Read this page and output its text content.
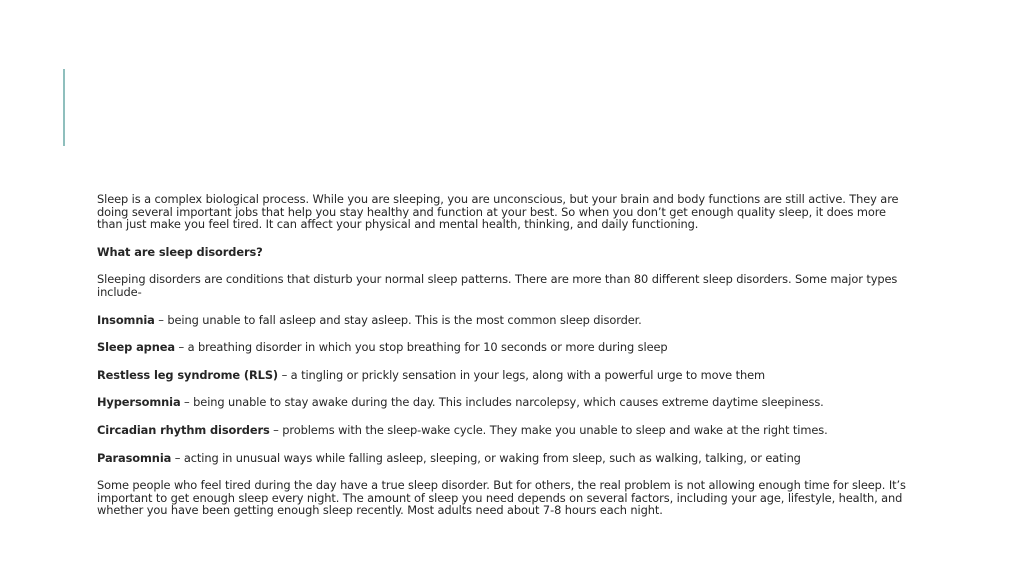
Sleep is a complex biological process. While you are sleeping, you are unconscious, but your brain and body functions are still active. They are doing several important jobs that help you stay healthy and function at your best. So when you don’t get enough quality sleep, it does more than just make you feel tired. It can affect your physical and mental health, thinking, and daily functioning.

What are sleep disorders?

Sleeping disorders are conditions that disturb your normal sleep patterns. There are more than 80 different sleep disorders. Some major types include-

Insomnia – being unable to fall asleep and stay asleep. This is the most common sleep disorder.

Sleep apnea – a breathing disorder in which you stop breathing for 10 seconds or more during sleep

Restless leg syndrome (RLS) – a tingling or prickly sensation in your legs, along with a powerful urge to move them

Hypersomnia – being unable to stay awake during the day. This includes narcolepsy, which causes extreme daytime sleepiness.

Circadian rhythm disorders – problems with the sleep-wake cycle. They make you unable to sleep and wake at the right times.

Parasomnia – acting in unusual ways while falling asleep, sleeping, or waking from sleep, such as walking, talking, or eating

Some people who feel tired during the day have a true sleep disorder. But for others, the real problem is not allowing enough time for sleep. It’s important to get enough sleep every night. The amount of sleep you need depends on several factors, including your age, lifestyle, health, and whether you have been getting enough sleep recently. Most adults need about 7-8 hours each night.
